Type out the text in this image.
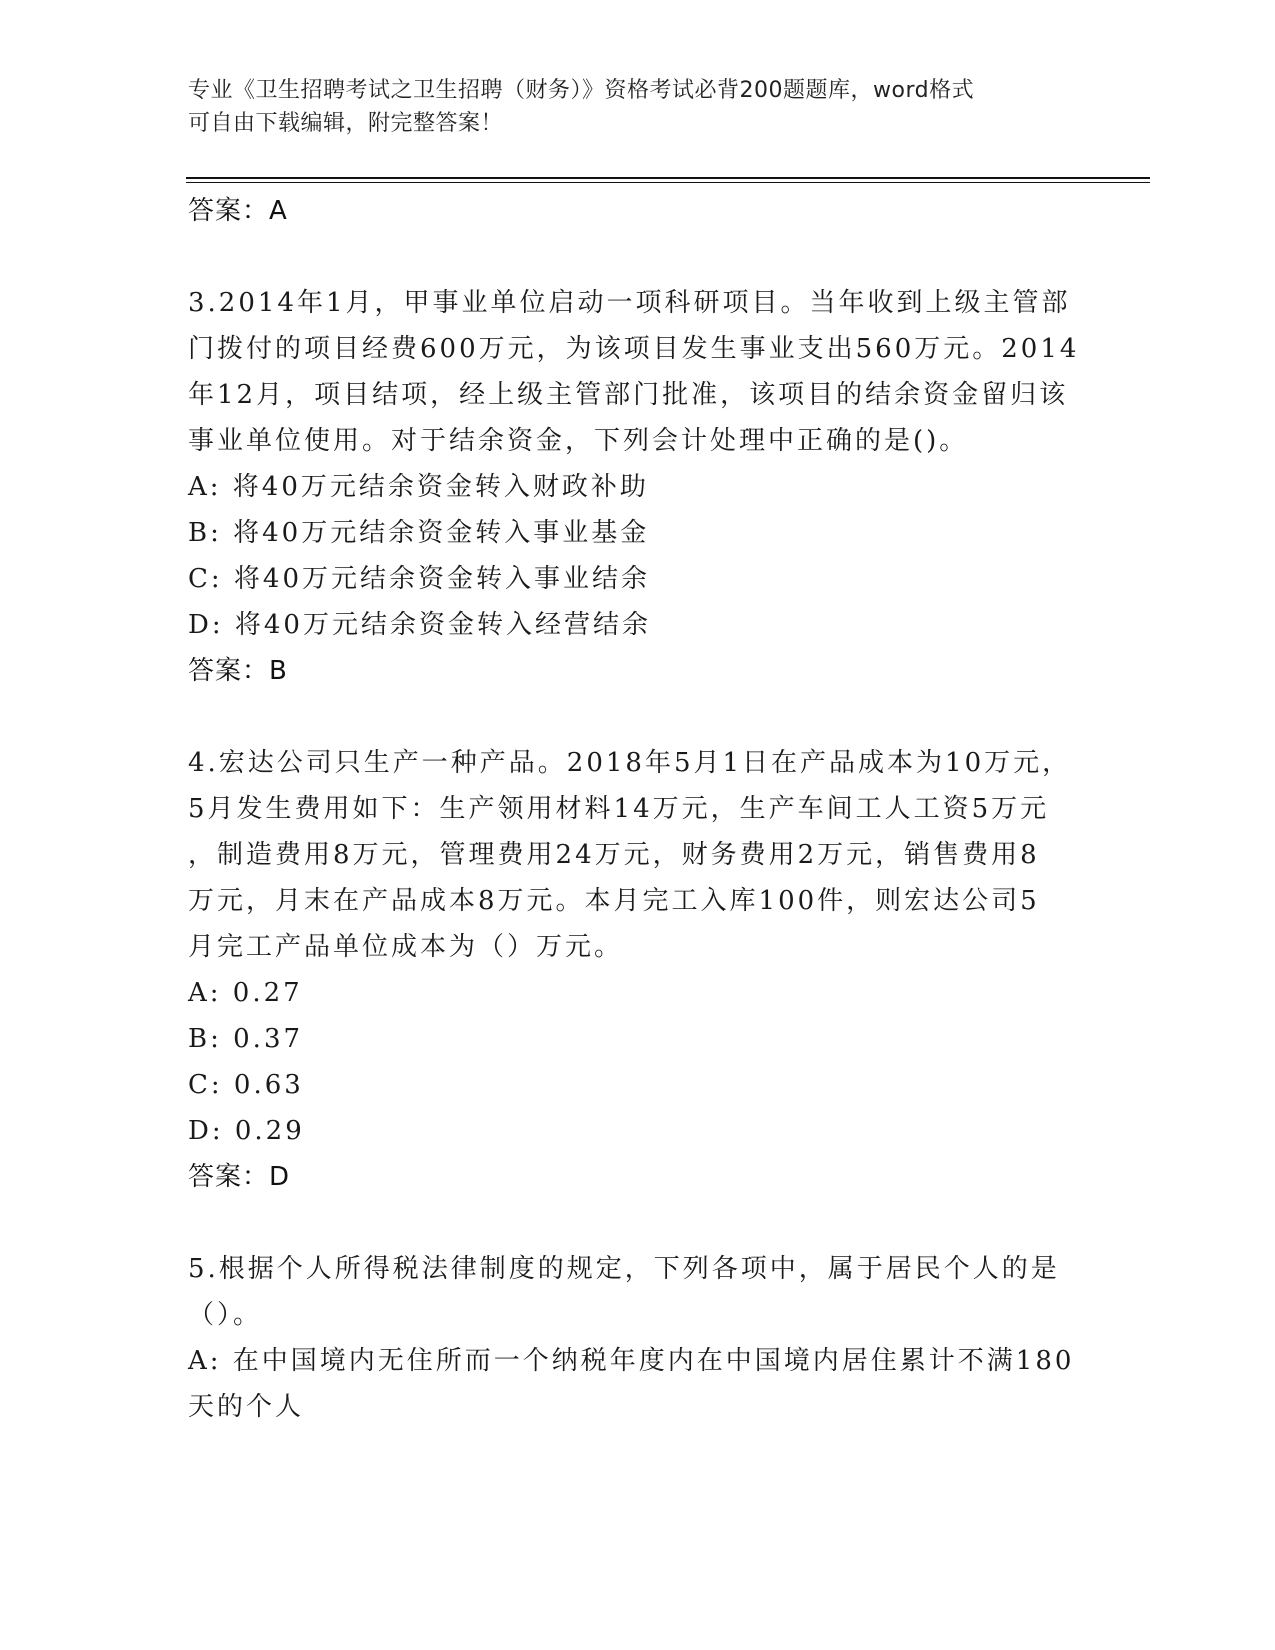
专业《卫生招聘考试之卫生招聘（财务）》资格考试必背200题题库，word格式
可自由下载编辑，附完整答案！
答案：A
3.2014年1月，甲事业单位启动一项科研项目。当年收到上级主管部
门拨付的项目经费600万元，为该项目发生事业支出560万元。2014
年12月，项目结项，经上级主管部门批准，该项目的结余资金留归该
事业单位使用。对于结余资金，下列会计处理中正确的是()。
A: 将40万元结余资金转入财政补助
B: 将40万元结余资金转入事业基金
C: 将40万元结余资金转入事业结余
D: 将40万元结余资金转入经营结余
答案：B
4.宏达公司只生产一种产品。2018年5月1日在产品成本为10万元，
5月发生费用如下：生产领用材料14万元，生产车间工人工资5万元
，制造费用8万元，管理费用24万元，财务费用2万元，销售费用8
万元，月末在产品成本8万元。本月完工入库100件，则宏达公司5
月完工产品单位成本为（）万元。
A: 0.27
B: 0.37
C: 0.63
D: 0.29
答案：D
5.根据个人所得税法律制度的规定，下列各项中，属于居民个人的是
（）。
A: 在中国境内无住所而一个纳税年度内在中国境内居住累计不满180
天的个人
